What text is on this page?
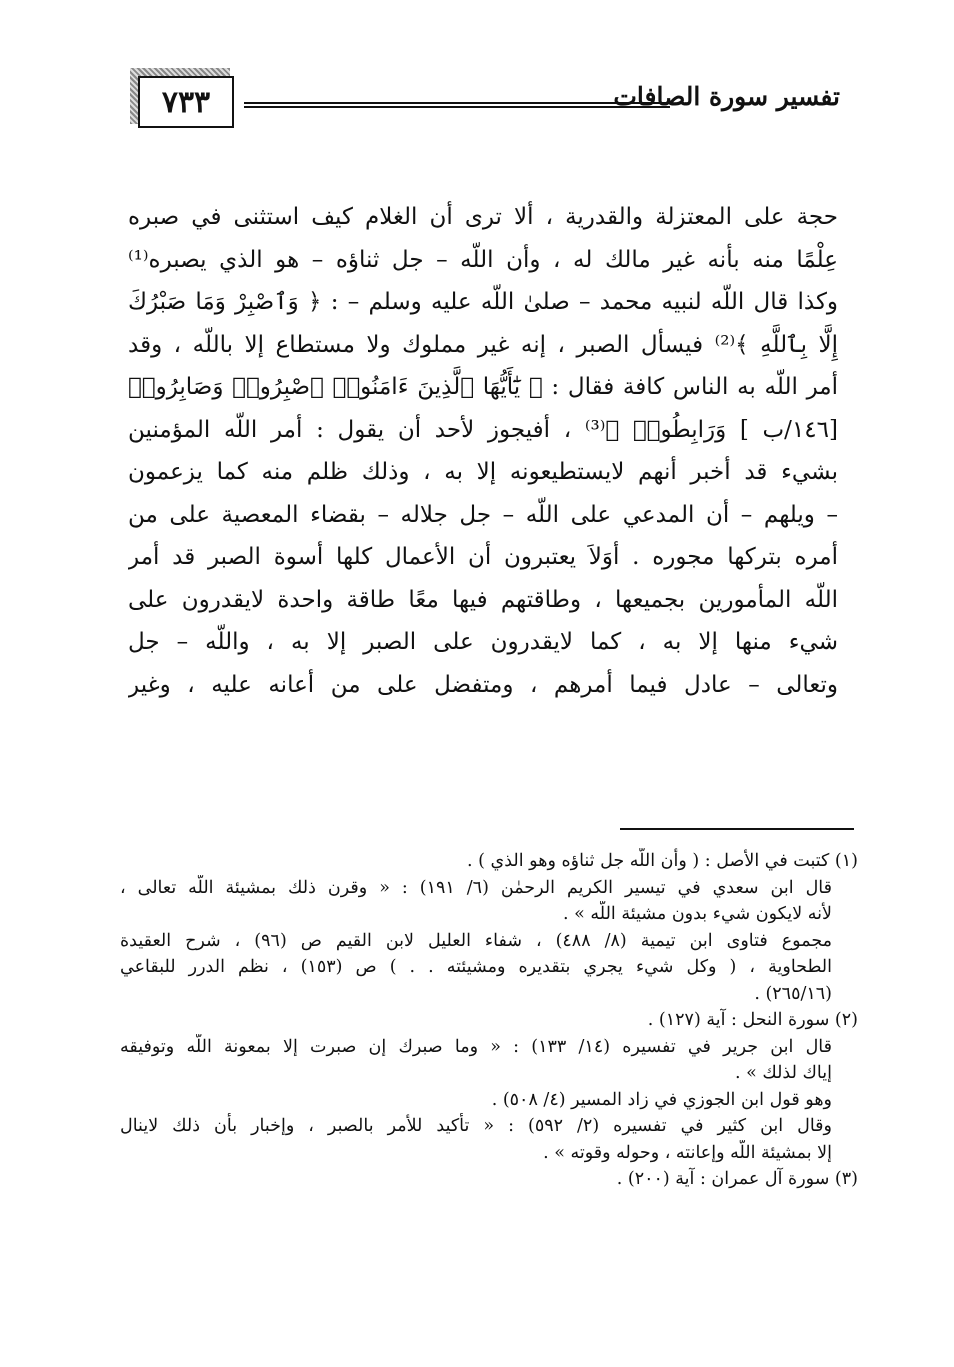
٧٣٣	تفسير سورة الصافات
حجة على المعتزلة والقدرية ، ألا ترى أن الغلام كيف استثنى في صبره
عِلْمًا منه بأنه غير مالك له ، وأن اللّه – جل ثناؤه – هو الذي يصبره⁽¹⁾
وكذا قال اللّه لنبيه محمد – صلىٰ اللّه عليه وسلم – : ﴿ وَٱصْبِرْ وَمَا صَبْرُكَ
إِلَّا بِٱللَّهِ ﴾⁽²⁾ فيسأل الصبر ، إنه غير مملوك ولا مستطاع إلا باللّه ، وقد
أمر اللّه به الناس كافة فقال : ﴿ يَٰٓأَيُّهَا ٱلَّذِينَ ءَامَنُوا۟ ٱصْبِرُوا۟ وَصَابِرُوا۟
[١٤٦/ب ] وَرَابِطُوا۟ ﴾⁽³⁾ ، أفيجوز لأحد أن يقول : أمر اللّه المؤمنين
بشيء قد أخبر أنهم لايستطيعونه إلا به ، وذلك ظلم منه كما يزعمون
– ويلهم – أن المدعي على اللّه – جل جلاله – بقضاء المعصية على من
أمره بتركها مجوره . أوَلاَ يعتبرون أن الأعمال كلها أسوة الصبر قد أمر
اللّه المأمورين بجميعها ، وطاقتهم فيها معًا طاقة واحدة لايقدرون على
شيء منها إلا به ، كما لايقدرون على الصبر إلا به ، واللّه – جل
وتعالى – عادل فيما أمرهم ، ومتفضل على من أعانه عليه ، وغير
(١) كتبت في الأصل : ( وأن اللّه جل ثناؤه وهو الذي ) .
قال ابن سعدي في تيسير الكريم الرحمٰن (٦/ ١٩١) : « وقرن ذلك بمشيئة اللّه تعالى ،
لأنه لايكون شيء بدون مشيئة اللّه » .
مجموع فتاوى ابن تيمية (٨/ ٤٨٨) ، شفاء العليل لابن القيم ص (٩٦) ، شرح العقيدة
الطحاوية ، ( وكل شيء يجري بتقديره ومشيئته . . ) ص (١٥٣) ، نظم الدرر للبقاعي
(٢٦٥/١٦) .
(٢) سورة النحل : آية (١٢٧) .
قال ابن جرير في تفسيره (١٤/ ١٣٣) : « وما صبرك إن صبرت إلا بمعونة اللّه وتوفيقه
إياك لذلك » .
وهو قول ابن الجوزي في زاد المسير (٤/ ٥٠٨) .
وقال ابن كثير في تفسيره (٢/ ٥٩٢) : « تأكيد للأمر بالصبر ، وإخبار بأن ذلك لاينال
إلا بمشيئة اللّه وإعانته ، وحوله وقوته » .
(٣) سورة آل عمران : آية (٢٠٠) .
